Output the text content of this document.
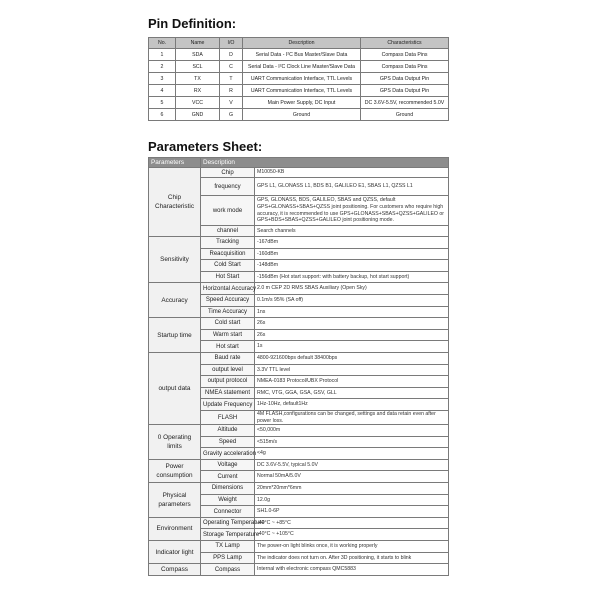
Pin Definition:
No.	Name	I/O	Description	Characteristics
1	SDA	D	Serial Data - I²C Bus Master/Slave Data	Compass Data Pins
2	SCL	C	Serial Data - I²C Clock Line Master/Slave Data	Compass Data Pins
3	TX	T	UART Communication Interface, TTL Levels	GPS Data Output Pin
4	RX	R	UART Communication Interface, TTL Levels	GPS Data Output Pin
5	VCC	V	Main Power Supply, DC Input	DC 3.6V-5.5V, recommended 5.0V
6	GND	G	Ground	Ground
Parameters Sheet:
Parameters	Description	
Chip Characteristic	Chip	M10050-KB
	frequency	GPS L1, GLONASS L1, BDS B1, GALILEO E1, SBAS L1, QZSS L1
	work mode	GPS, GLONASS, BDS, GALILEO, SBAS and QZSS, default GPS+GLONASS+SBAS+QZSS joint positioning. For customers who require high accuracy, it is recommended to use GPS+GLONASS+SBAS+QZSS+GALILEO or GPS+BDS+SBAS+QZSS+GALILEO joint positioning mode.
	channel	Search channels
Sensitivity	Tracking	-167dBm
	Reacquisition	-160dBm
	Cold Start	-148dBm
	Hot Start	-156dBm (Hot start support: with battery backup, hot start support)
Accuracy	Horizontal Accuracy	2.0 m CEP 2D RMS SBAS Auxiliary (Open Sky)
	Speed Accuracy	0.1m/s 95% (SA off)
	Time Accuracy	1ns
Startup time	Cold start	26s
	Warm start	26s
	Hot start	1s
output data	Baud rate	4800-921600bps default 38400bps
	output level	3.3V TTL level
	output protocol	NMEA-0183 Protocol/UBX Protocol
	NMEA statement	RMC, VTG, GGA, GSA, GSV, GLL
	Update Frequency	1Hz-10Hz, default1Hz
	FLASH	4M FLASH,configurations can be changed, settings and data retain even after power loss.
0 Operating limits	Altitude	<50,000m
	Speed	<515m/s
	Gravity acceleration	<4g
Power consumption	Voltage	DC 3.6V-5.5V, typical 5.0V
	Current	Normal 50mA/5.0V
Physical parameters	Dimensions	20mm*20mm*6mm
	Weight	12.0g
	Connector	SH1.0-6P
Environment	Operating Temperature	-40°C ~ +85°C
	Storage Temperature	-40°C ~ +105°C
Indicator light	TX Lamp	The power-on light blinks once, it is working properly
	PPS Lamp	The indicator does not turn on. After 3D positioning, it starts to blink
Compass	Compass	Internal with electronic compass QMC5883
